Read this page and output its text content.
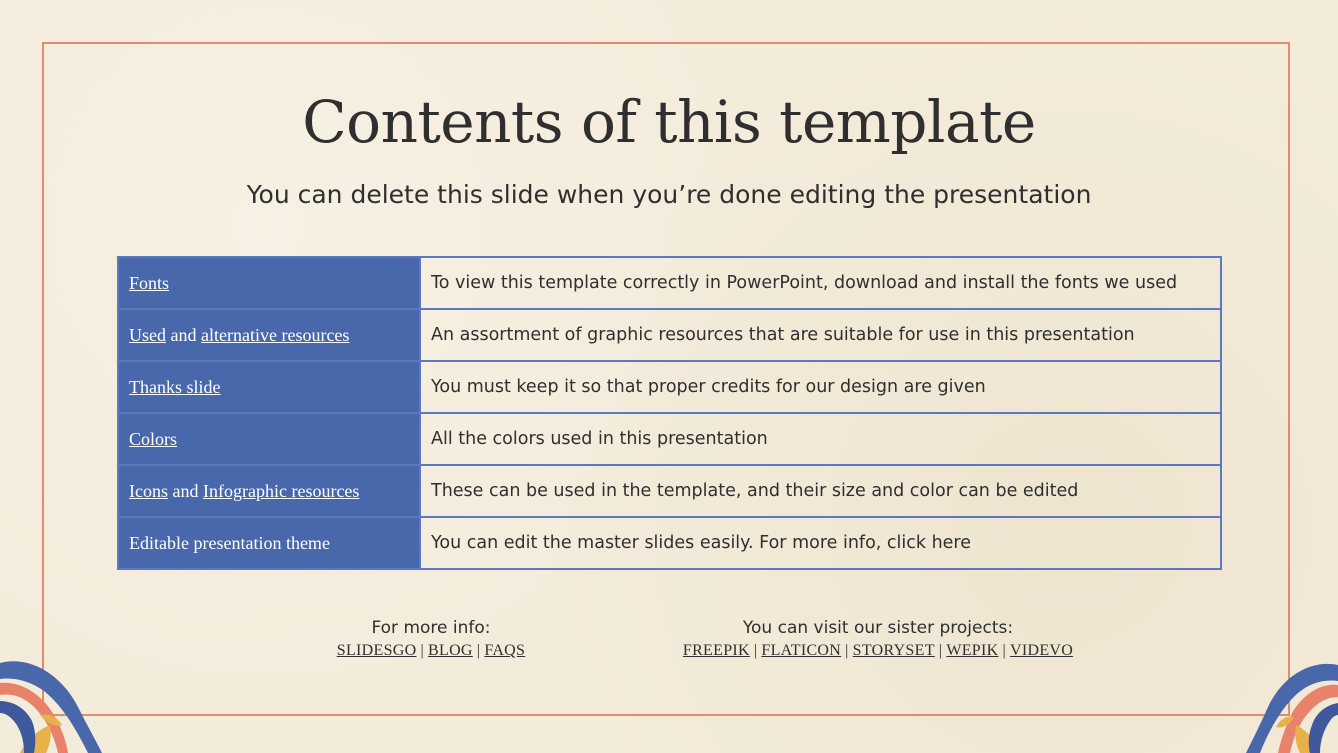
Contents of this template
You can delete this slide when you’re done editing the presentation
Fonts	To view this template correctly in PowerPoint, download and install the fonts we used
Used and alternative resources	An assortment of graphic resources that are suitable for use in this presentation
Thanks slide	You must keep it so that proper credits for our design are given
Colors	All the colors used in this presentation
Icons and Infographic resources	These can be used in the template, and their size and color can be edited
Editable presentation theme	You can edit the master slides easily. For more info, click here
For more info:
SLIDESGO | BLOG | FAQS
You can visit our sister projects:
FREEPIK | FLATICON | STORYSET | WEPIK | VIDEVO
